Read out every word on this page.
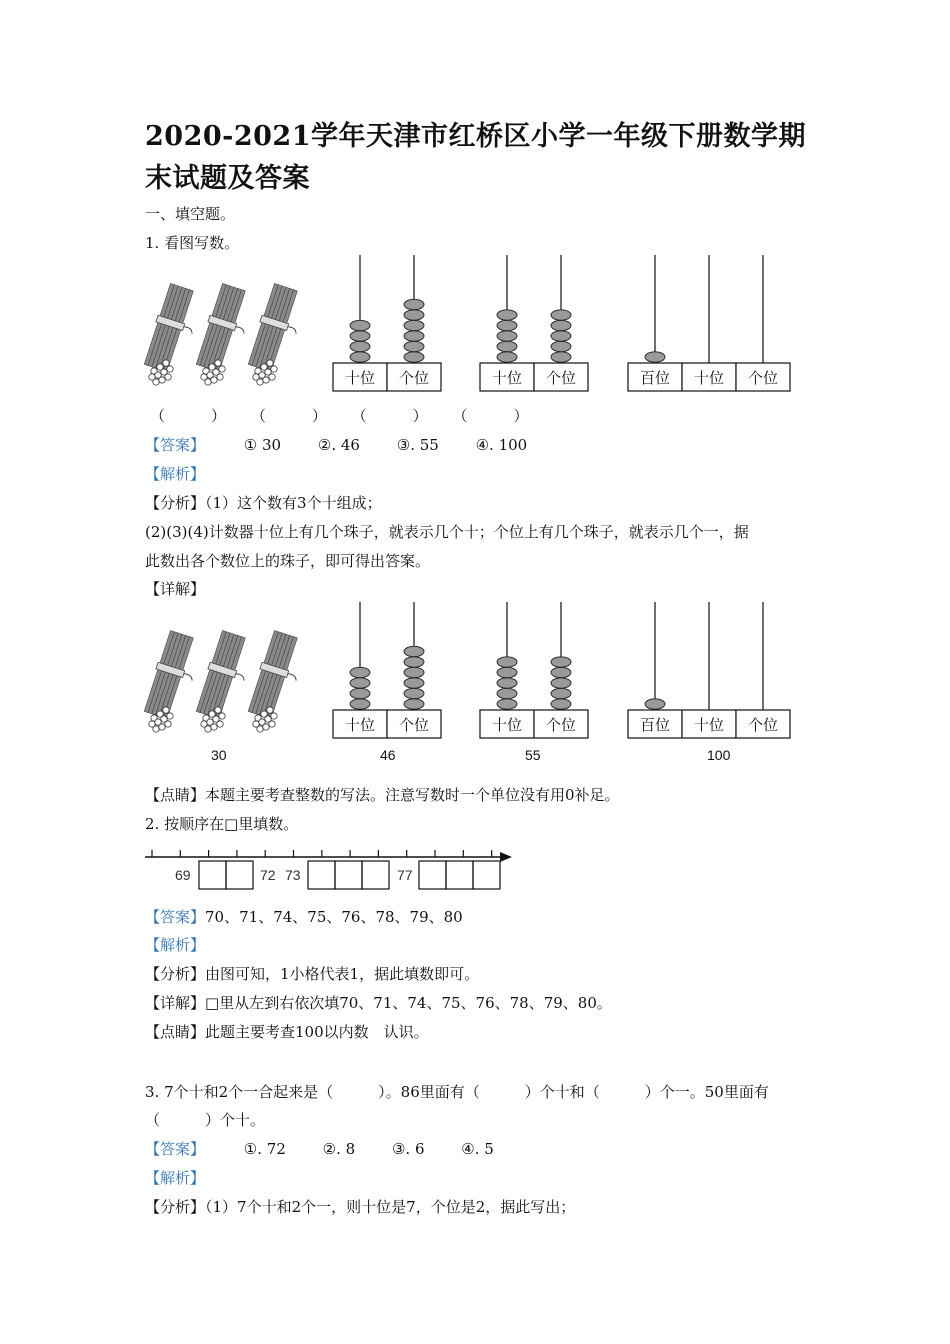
2020-2021学年天津市红桥区小学一年级下册数学期末试题及答案
一、填空题。
1. 看图写数。
十位 个位	十位 个位	百位 十位 个位
（	） （	） （	） （	）
【答案】	① 30 ②. 46 ③. 55 ④. 100
【解析】
【分析】（1）这个数有3个十组成；
(2)(3)(4)计数器十位上有几个珠子，就表示几个十；个位上有几个珠子，就表示几个一，据
此数出各个数位上的珠子，即可得出答案。
【详解】
十位 个位	十位 个位	百位 十位 个位
30	46	55	100
【点睛】本题主要考查整数的写法。注意写数时一个单位没有用0补足。
2. 按顺序在□里填数。
69	72 73	77
【答案】70、71、74、75、76、78、79、80
【解析】
【分析】由图可知，1小格代表1，据此填数即可。
【详解】□里从左到右依次填70、71、74、75、76、78、79、80。
【点睛】此题主要考查100以内数　认识。
3. 7个十和2个一合起来是（　　　）。86里面有（　　　）个十和（　　　）个一。50里面有
（　　　）个十。
【答案】	①. 72 ②. 8 ③. 6 ④. 5
【解析】
【分析】（1）7个十和2个一，则十位是7，个位是2，据此写出；
